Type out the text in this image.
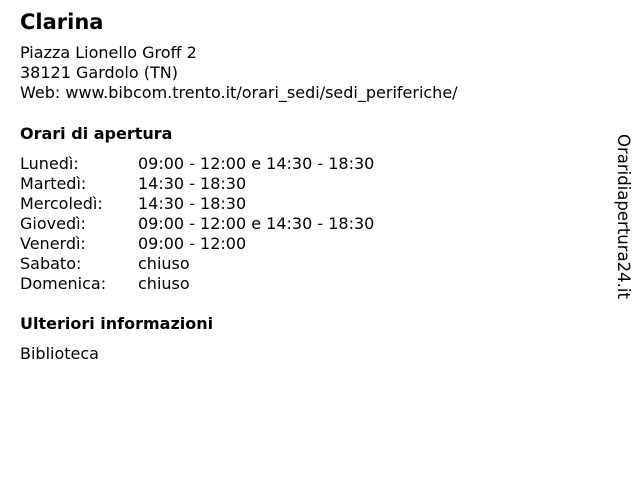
Clarina
Piazza Lionello Groff 2
38121 Gardolo (TN)
Web: www.bibcom.trento.it/orari_sedi/sedi_periferiche/
Orari di apertura
Lunedì:	09:00 - 12:00 e 14:30 - 18:30
Martedì:	14:30 - 18:30
Mercoledì:	14:30 - 18:30
Giovedì:	09:00 - 12:00 e 14:30 - 18:30
Venerdì:	09:00 - 12:00
Sabato:	chiuso
Domenica:	chiuso
Ulteriori informazioni
Biblioteca
Oraridiapertura24.it
